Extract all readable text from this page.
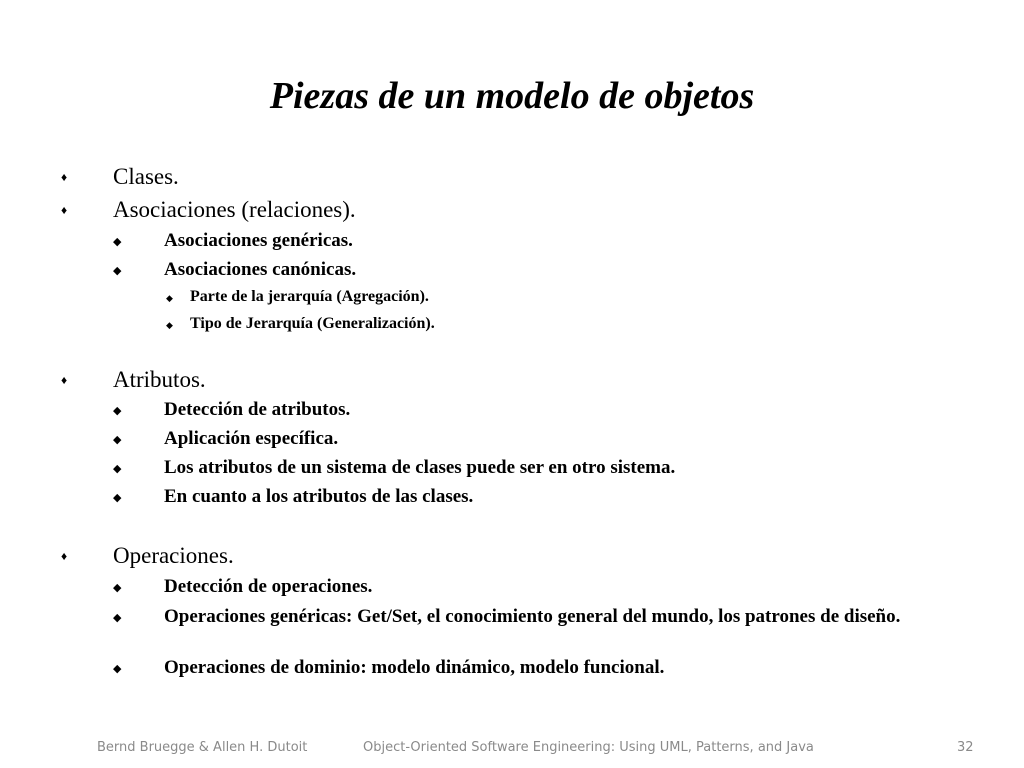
Piezas de un modelo de objetos
♦ Clases.
♦ Asociaciones (relaciones).
◆ Asociaciones genéricas.
◆ Asociaciones canónicas.
◆ Parte de la jerarquía (Agregación).
◆ Tipo de Jerarquía (Generalización).
♦ Atributos.
◆ Detección de atributos.
◆ Aplicación específica.
◆ Los atributos de un sistema de clases puede ser en otro sistema.
◆ En cuanto a los atributos de las clases.
♦ Operaciones.
◆ Detección de operaciones.
◆ Operaciones genéricas: Get/Set, el conocimiento general del mundo, los patrones de diseño.
◆ Operaciones de dominio: modelo dinámico, modelo funcional.
Bernd Bruegge & Allen H. Dutoit	Object-Oriented Software Engineering: Using UML, Patterns, and Java	32
